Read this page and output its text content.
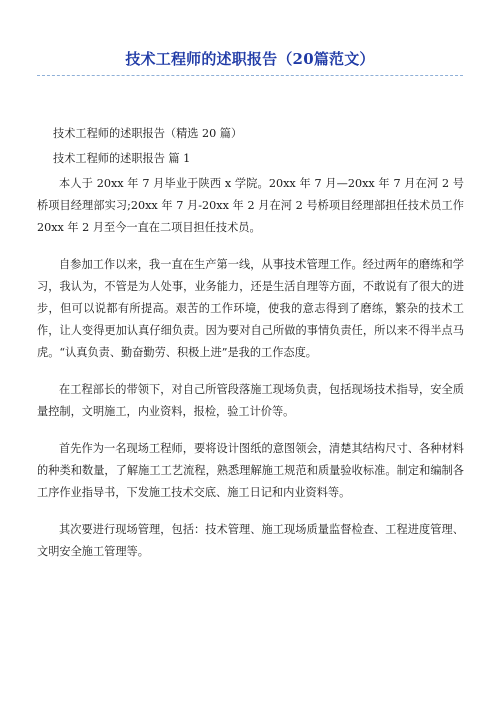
技术工程师的述职报告（20篇范文）

技术工程师的述职报告（精选 20 篇）

技术工程师的述职报告 篇 1

本人于 20xx 年 7 月毕业于陕西 x 学院。20xx 年 7 月—20xx 年 7 月在河 2 号桥项目经理部实习;20xx 年 7 月-20xx 年 2 月在河 2 号桥项目经理部担任技术员工作 20xx 年 2 月至今一直在二项目担任技术员。

自参加工作以来，我一直在生产第一线，从事技术管理工作。经过两年的磨练和学习，我认为，不管是为人处事，业务能力，还是生活自理等方面，不敢说有了很大的进步，但可以说都有所提高。艰苦的工作环境，使我的意志得到了磨练，繁杂的技术工作，让人变得更加认真仔细负责。因为要对自己所做的事情负责任，所以来不得半点马虎。“认真负责、勤奋勤劳、积极上进”是我的工作态度。

在工程部长的带领下，对自己所管段落施工现场负责，包括现场技术指导，安全质量控制，文明施工，内业资料，报检，验工计价等。

首先作为一名现场工程师，要将设计图纸的意图领会，清楚其结构尺寸、各种材料的种类和数量，了解施工工艺流程，熟悉理解施工规范和质量验收标准。制定和编制各工序作业指导书，下发施工技术交底、施工日记和内业资料等。

其次要进行现场管理，包括：技术管理、施工现场质量监督检查、工程进度管理、文明安全施工管理等。
